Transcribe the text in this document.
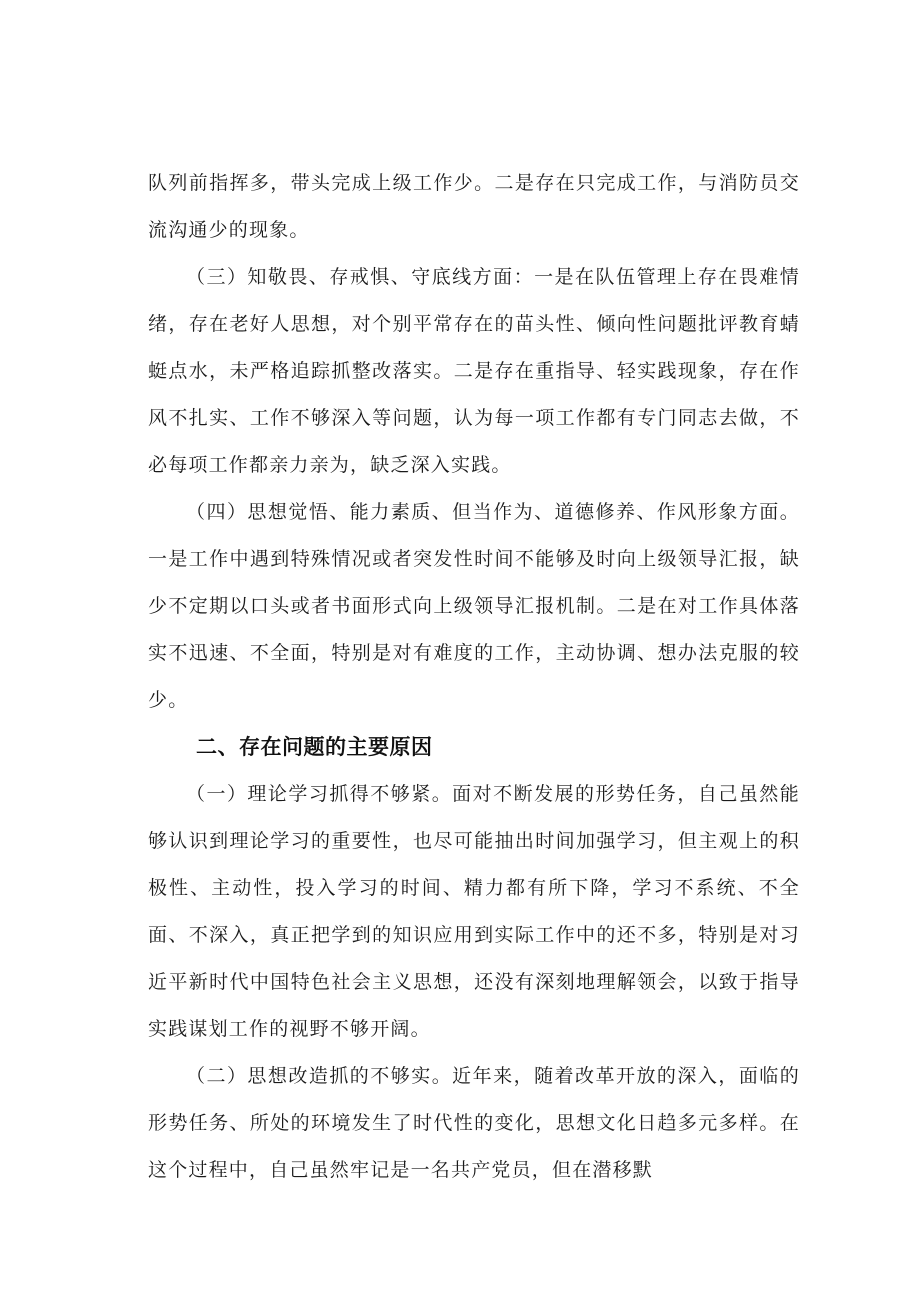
队列前指挥多，带头完成上级工作少。二是存在只完成工作，与消防员交流沟通少的现象。

（三）知敬畏、存戒惧、守底线方面：一是在队伍管理上存在畏难情绪，存在老好人思想，对个别平常存在的苗头性、倾向性问题批评教育蜻蜓点水，未严格追踪抓整改落实。二是存在重指导、轻实践现象，存在作风不扎实、工作不够深入等问题，认为每一项工作都有专门同志去做，不必每项工作都亲力亲为，缺乏深入实践。

（四）思想觉悟、能力素质、但当作为、道德修养、作风形象方面。一是工作中遇到特殊情况或者突发性时间不能够及时向上级领导汇报，缺少不定期以口头或者书面形式向上级领导汇报机制。二是在对工作具体落实不迅速、不全面，特别是对有难度的工作，主动协调、想办法克服的较少。

二、存在问题的主要原因

（一）理论学习抓得不够紧。面对不断发展的形势任务，自己虽然能够认识到理论学习的重要性，也尽可能抽出时间加强学习，但主观上的积极性、主动性，投入学习的时间、精力都有所下降，学习不系统、不全面、不深入，真正把学到的知识应用到实际工作中的还不多，特别是对习近平新时代中国特色社会主义思想，还没有深刻地理解领会，以致于指导实践谋划工作的视野不够开阔。

（二）思想改造抓的不够实。近年来，随着改革开放的深入，面临的形势任务、所处的环境发生了时代性的变化，思想文化日趋多元多样。在这个过程中，自己虽然牢记是一名共产党员，但在潜移默
